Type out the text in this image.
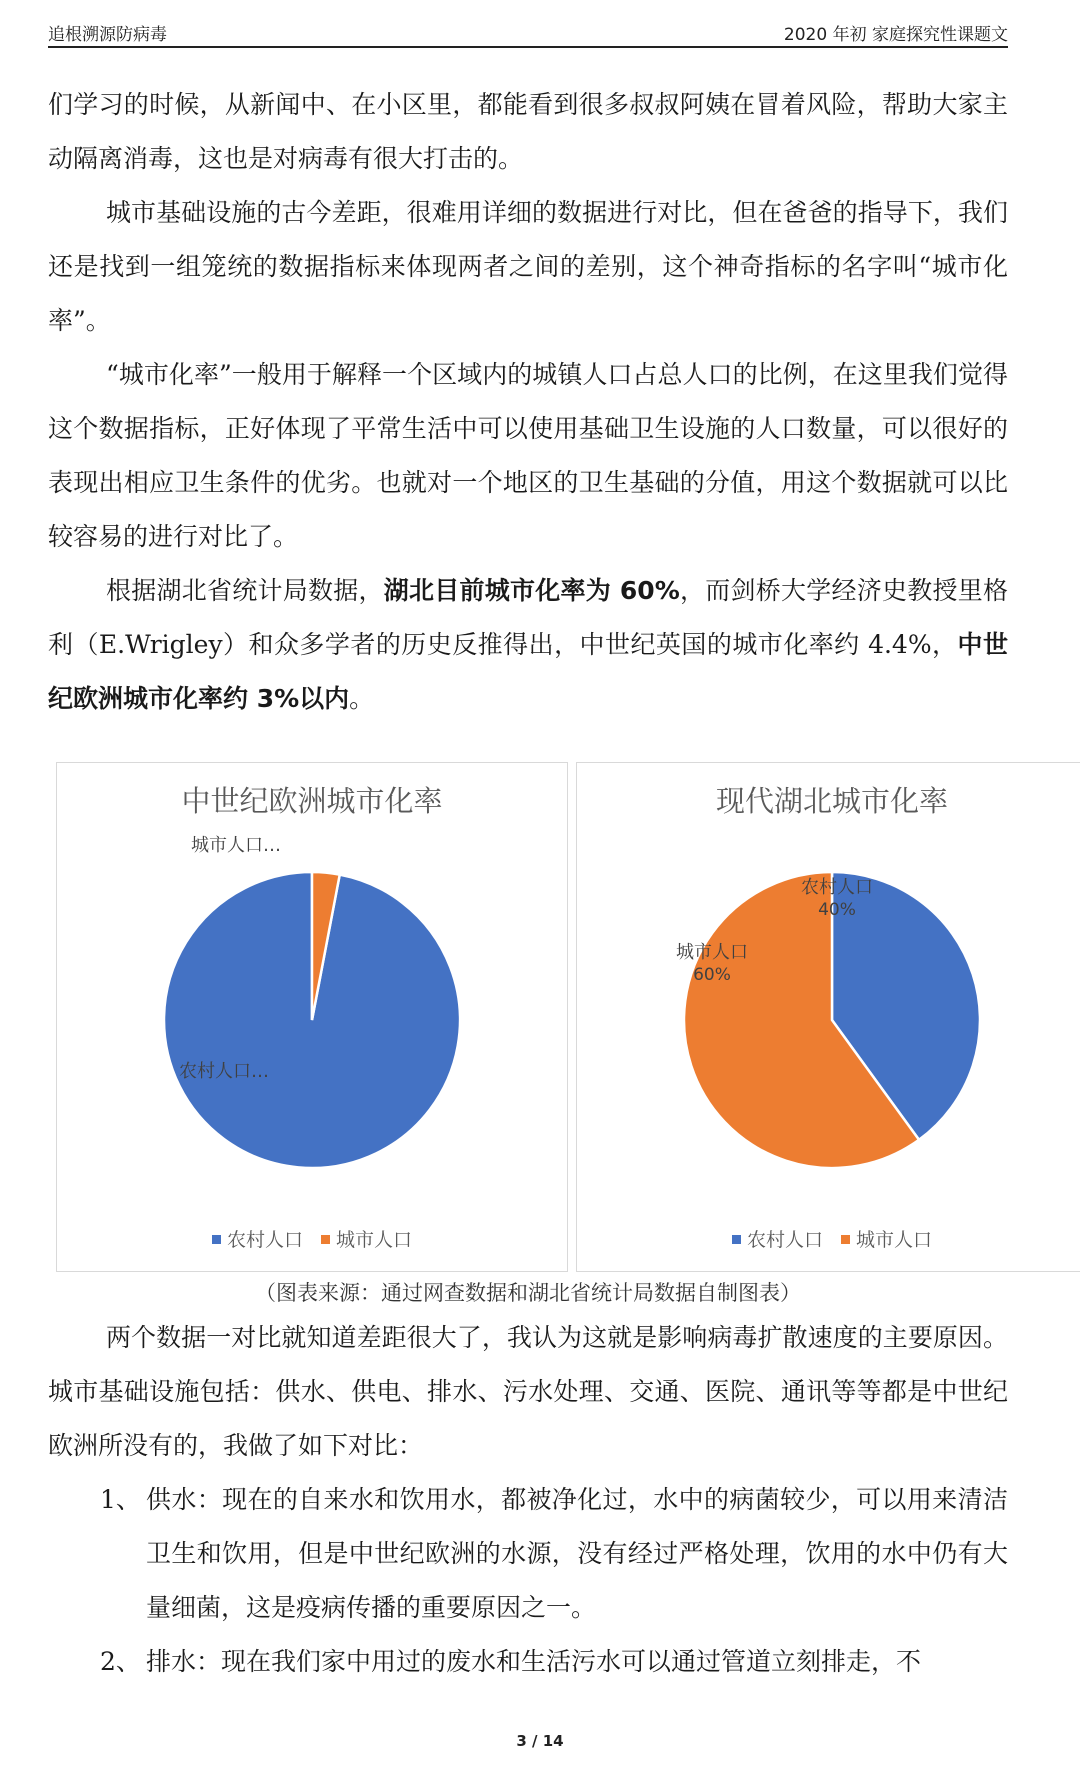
追根溯源防病毒	2020 年初 家庭探究性课题文

们学习的时候，从新闻中、在小区里，都能看到很多叔叔阿姨在冒着风险，帮助大家主动隔离消毒，这也是对病毒有很大打击的。

城市基础设施的古今差距，很难用详细的数据进行对比，但在爸爸的指导下，我们还是找到一组笼统的数据指标来体现两者之间的差别，这个神奇指标的名字叫“城市化率”。

“城市化率”一般用于解释一个区域内的城镇人口占总人口的比例，在这里我们觉得这个数据指标，正好体现了平常生活中可以使用基础卫生设施的人口数量，可以很好的表现出相应卫生条件的优劣。也就对一个地区的卫生基础的分值，用这个数据就可以比较容易的进行对比了。

根据湖北省统计局数据，湖北目前城市化率为 60%，而剑桥大学经济史教授里格利（E.Wrigley）和众多学者的历史反推得出，中世纪英国的城市化率约 4.4%，中世纪欧洲城市化率约 3%以内。

中世纪欧洲城市化率
农村人口…
城市人口…
农村人口 城市人口
现代湖北城市化率
农村人口
40%
城市人口
60%
农村人口 城市人口
（图表来源：通过网查数据和湖北省统计局数据自制图表）

两个数据一对比就知道差距很大了，我认为这就是影响病毒扩散速度的主要原因。城市基础设施包括：供水、供电、排水、污水处理、交通、医院、通讯等等都是中世纪欧洲所没有的，我做了如下对比：

1、 供水：现在的自来水和饮用水，都被净化过，水中的病菌较少，可以用来清洁卫生和饮用，但是中世纪欧洲的水源，没有经过严格处理，饮用的水中仍有大量细菌，这是疫病传播的重要原因之一。
2、 排水：现在我们家中用过的废水和生活污水可以通过管道立刻排走，不
3 / 14
